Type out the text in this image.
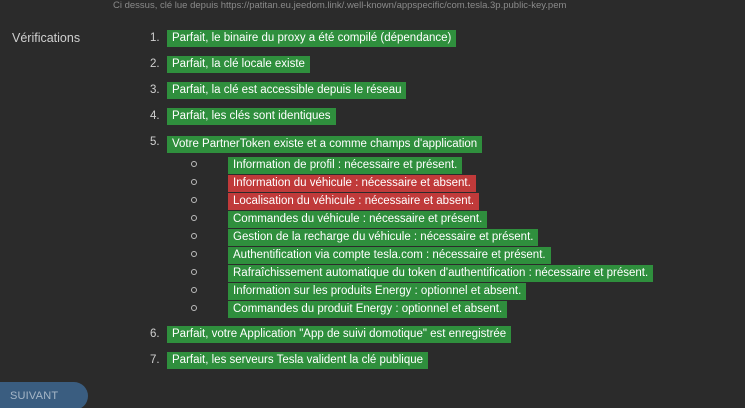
Ci dessus, clé lue depuis https://patitan.eu.jeedom.link/.well-known/appspecific/com.tesla.3p.public-key.pem
Vérifications	1.	Parfait, le binaire du proxy a été compilé (dépendance)
2.	Parfait, la clé locale existe
3.	Parfait, la clé est accessible depuis le réseau
4.	Parfait, les clés sont identiques
5.	Votre PartnerToken existe et a comme champs d'application
Information de profil : nécessaire et présent.
Information du véhicule : nécessaire et absent.
Localisation du véhicule : nécessaire et absent.
Commandes du véhicule : nécessaire et présent.
Gestion de la recharge du véhicule : nécessaire et présent.
Authentification via compte tesla.com : nécessaire et présent.
Rafraîchissement automatique du token d'authentification : nécessaire et présent.
Information sur les produits Energy : optionnel et absent.
Commandes du produit Energy : optionnel et absent.
6.	Parfait, votre Application "App de suivi domotique" est enregistrée
7.	Parfait, les serveurs Tesla valident la clé publique
SUIVANT
